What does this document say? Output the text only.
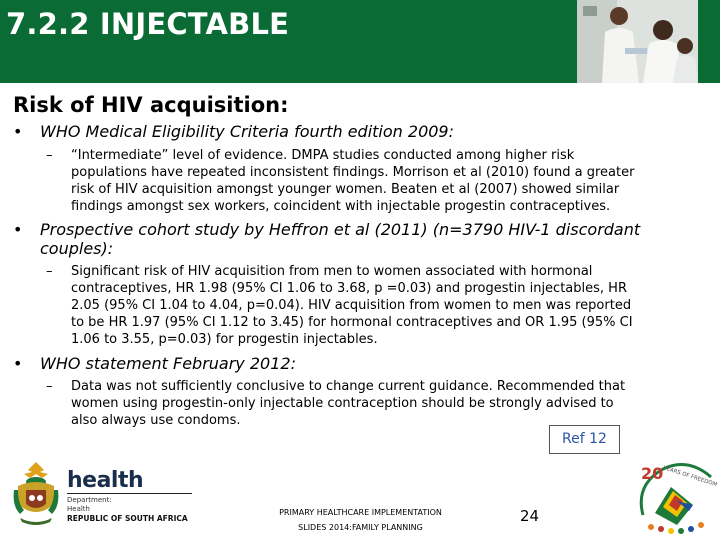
7.2.2 INJECTABLE
Risk of HIV acquisition:
• WHO Medical Eligibility Criteria fourth edition 2009:
– “Intermediate” level of evidence. DMPA studies conducted among higher risk
populations have repeated inconsistent findings. Morrison et al (2010) found a greater
risk of HIV acquisition amongst younger women. Beaten et al (2007) showed similar
findings amongst sex workers, coincident with injectable progestin contraceptives.
• Prospective cohort study by Heffron et al (2011) (n=3790 HIV-1 discordant
couples):
– Significant risk of HIV acquisition from men to women associated with hormonal
contraceptives, HR 1.98 (95% CI 1.06 to 3.68, p =0.03) and progestin injectables, HR
2.05 (95% CI 1.04 to 4.04, p=0.04). HIV acquisition from women to men was reported
to be HR 1.97 (95% CI 1.12 to 3.45) for hormonal contraceptives and OR 1.95 (95% CI
1.06 to 3.55, p=0.03) for progestin injectables.
• WHO statement February 2012:
– Data was not sufficiently conclusive to change current guidance. Recommended that
women using progestin-only injectable contraception should be strongly advised to
also always use condoms.
Ref 12
health
Department:
Health
REPUBLIC OF SOUTH AFRICA
PRIMARY HEALTHCARE IMPLEMENTATION
SLIDES 2014:FAMILY PLANNING
24
20 YEARS OF FREEDOM
